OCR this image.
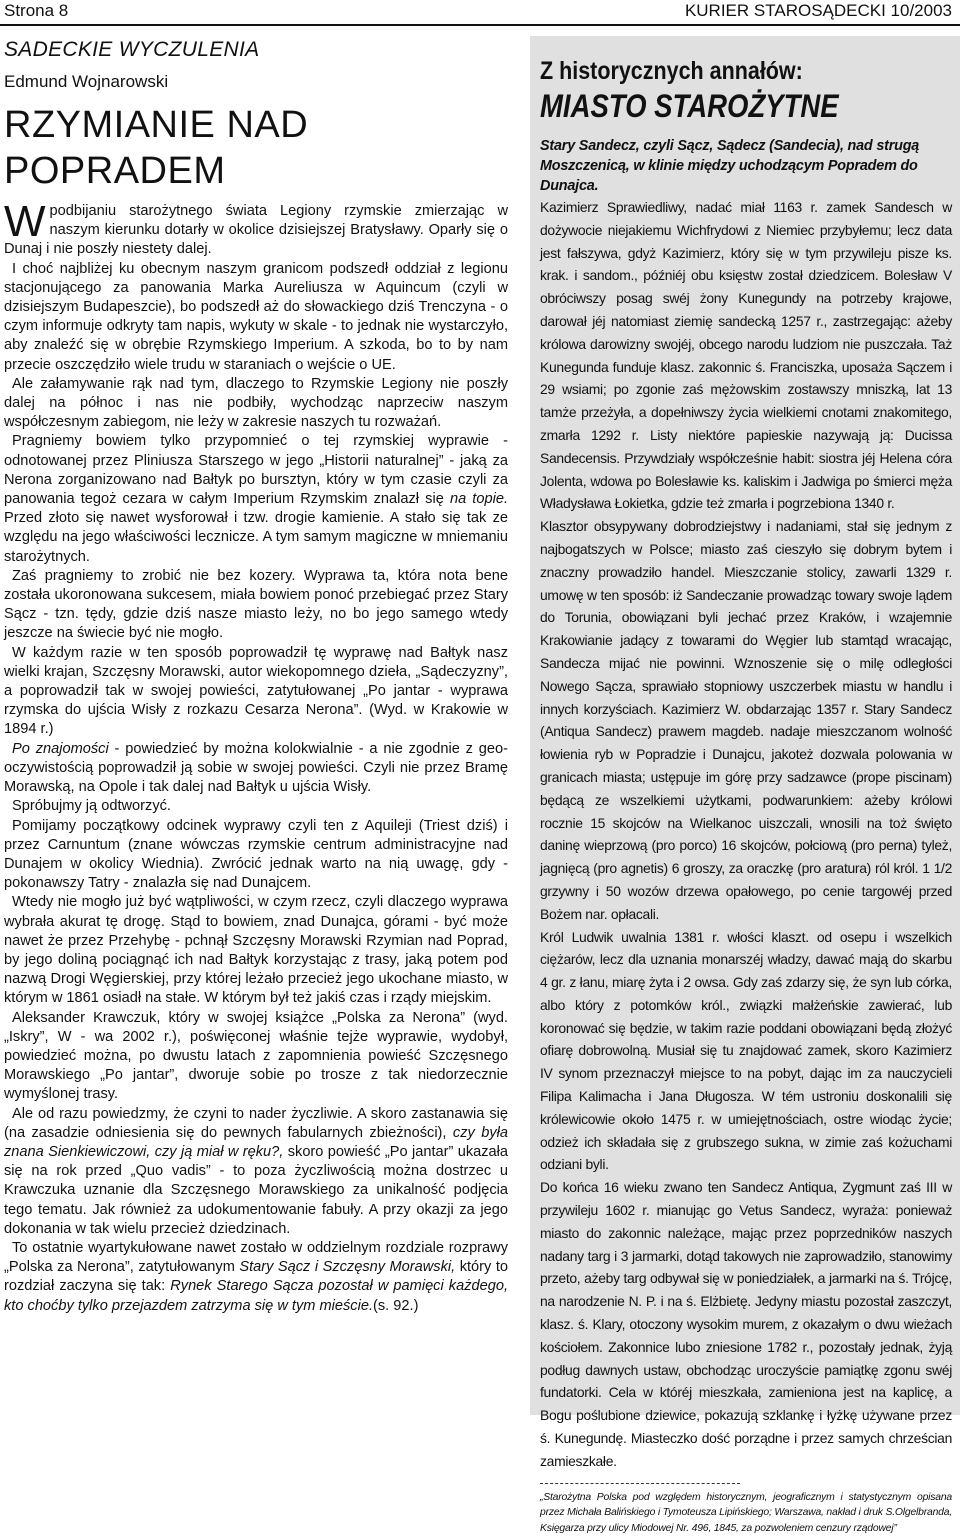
Strona 8	KURIER STAROSĄDECKI 10/2003
SADECKIE WYCZULENIA
Edmund Wojnarowski
RZYMIANIE NAD POPRADEM

Wpodbijaniu starożytnego świata Legiony rzymskie zmierzając w naszym kierunku dotarły w okolice dzisiejszej Bratysławy. Oparły się o Dunaj i nie poszły niestety dalej.

I choć najbliżej ku obecnym naszym granicom podszedł oddział z legionu stacjonującego za panowania Marka Aureliusza w Aquincum (czyli w dzisiejszym Budapeszcie), bo podszedł aż do słowackiego dziś Trenczyna - o czym informuje odkryty tam napis, wykuty w skale - to jednak nie wystarczyło, aby znaleźć się w obrębie Rzymskiego Imperium. A szkoda, bo to by nam przecie oszczędziło wiele trudu w staraniach o wejście o UE.

Ale załamywanie rąk nad tym, dlaczego to Rzymskie Legiony nie poszły dalej na północ i nas nie podbiły, wychodząc naprzeciw naszym współczesnym zabiegom, nie leży w zakresie naszych tu rozważań.

Pragniemy bowiem tylko przypomnieć o tej rzymskiej wyprawie - odnotowanej przez Pliniusza Starszego w jego „Historii naturalnej” - jaką za Nerona zorganizowano nad Bałtyk po bursztyn, który w tym czasie czyli za panowania tegoż cezara w całym Imperium Rzymskim znalazł się na topie. Przed złoto się nawet wysforował i tzw. drogie kamienie. A stało się tak ze względu na jego właściwości lecznicze. A tym samym magiczne w mniemaniu starożytnych.

Zaś pragniemy to zrobić nie bez kozery. Wyprawa ta, która nota bene została ukoronowana sukcesem, miała bowiem ponoć przebiegać przez Stary Sącz - tzn. tędy, gdzie dziś nasze miasto leży, no bo jego samego wtedy jeszcze na świecie być nie mogło.

W każdym razie w ten sposób poprowadził tę wyprawę nad Bałtyk nasz wielki krajan, Szczęsny Morawski, autor wiekopomnego dzieła, „Sądeczyzny”, a poprowadził tak w swojej powieści, zatytułowanej „Po jantar - wyprawa rzymska do ujścia Wisły z rozkazu Cesarza Nerona”. (Wyd. w Krakowie w 1894 r.)

Po znajomości - powiedzieć by można kolokwialnie - a nie zgodnie z geo-oczywistością poprowadził ją sobie w swojej powieści. Czyli nie przez Bramę Morawską, na Opole i tak dalej nad Bałtyk u ujścia Wisły.

Spróbujmy ją odtworzyć.

Pomijamy początkowy odcinek wyprawy czyli ten z Aquileji (Triest dziś) i przez Carnuntum (znane wówczas rzymskie centrum administracyjne nad Dunajem w okolicy Wiednia). Zwrócić jednak warto na nią uwagę, gdy - pokonawszy Tatry - znalazła się nad Dunajcem.

Wtedy nie mogło już być wątpliwości, w czym rzecz, czyli dlaczego wyprawa wybrała akurat tę drogę. Stąd to bowiem, znad Dunajca, górami - być może nawet że przez Przehybę - pchnął Szczęsny Morawski Rzymian nad Poprad, by jego doliną pociągnąć ich nad Bałtyk korzystając z trasy, jaką potem pod nazwą Drogi Węgierskiej, przy której leżało przecież jego ukochane miasto, w którym w 1861 osiadł na stałe. W którym był też jakiś czas i rządy miejskim.

Aleksander Krawczuk, który w swojej książce „Polska za Nerona” (wyd. „Iskry”, W - wa 2002 r.), poświęconej właśnie tejże wyprawie, wydobył, powiedzieć można, po dwustu latach z zapomnienia powieść Szczęsnego Morawskiego „Po jantar”, dworuje sobie po trosze z tak niedorzecznie wymyślonej trasy.

Ale od razu powiedzmy, że czyni to nader życzliwie. A skoro zastanawia się (na zasadzie odniesienia się do pewnych fabularnych zbieżności), czy była znana Sienkiewiczowi, czy ją miał w ręku?, skoro powieść „Po jantar” ukazała się na rok przed „Quo vadis” - to poza życzliwością można dostrzec u Krawczuka uznanie dla Szczęsnego Morawskiego za unikalność podjęcia tego tematu. Jak również za udokumentowanie fabuły. A przy okazji za jego dokonania w tak wielu przecież dziedzinach.

To ostatnie wyartykułowane nawet zostało w oddzielnym rozdziale rozprawy „Polska za Nerona”, zatytułowanym Stary Sącz i Szczęsny Morawski, który to rozdział zaczyna się tak: Rynek Starego Sącza pozostał w pamięci każdego, kto choćby tylko przejazdem zatrzyma się w tym mieście.(s. 92.)

Z historycznych annałów:
MIASTO STAROŻYTNE
Stary Sandecz, czyli Sącz, Sądecz (Sandecia), nad strugą Moszczenicą, w klinie między uchodzącym Popradem do Dunajca.

Kazimierz Sprawiedliwy, nadać miał 1163 r. zamek Sandesch w dożywocie niejakiemu Wichfrydowi z Niemiec przybyłemu; lecz data jest fałszywa, gdyż Kazimierz, który się w tym przywileju pisze ks. krak. i sandom., późniéj obu księstw został dziedzicem. Bolesław V obróciwszy posag swéj żony Kunegundy na potrzeby krajowe, darował jéj natomiast ziemię sandecką 1257 r., zastrzegając: ażeby królowa darowizny swojéj, obcego narodu ludziom nie puszczała. Taż Kunegunda funduje klasz. zakonnic ś. Franciszka, uposaża Sączem i 29 wsiami; po zgonie zaś mężowskim zostawszy mniszką, lat 13 tamże przeżyła, a dopełniwszy życia wielkiemi cnotami znakomitego, zmarła 1292 r. Listy niektóre papieskie nazywają ją: Ducissa Sandecensis. Przywdziały współcześnie habit: siostra jéj Helena córa Jolenta, wdowa po Bolesławie ks. kaliskim i Jadwiga po śmierci męża Władysława Łokietka, gdzie też zmarła i pogrzebiona 1340 r.

Klasztor obsypywany dobrodziejstwy i nadaniami, stał się jednym z najbogatszych w Polsce; miasto zaś cieszyło się dobrym bytem i znaczny prowadziło handel. Mieszczanie stolicy, zawarli 1329 r. umowę w ten sposób: iż Sandeczanie prowadząc towary swoje lądem do Torunia, obowiązani byli jechać przez Kraków, i wzajemnie Krakowianie jadący z towarami do Węgier lub stamtąd wracając, Sandecza mijać nie powinni. Wznoszenie się o milę odległości Nowego Sącza, sprawiało stopniowy uszczerbek miastu w handlu i innych korzyściach. Kazimierz W. obdarzając 1357 r. Stary Sandecz (Antiqua Sandecz) prawem magdeb. nadaje mieszczanom wolność łowienia ryb w Popradzie i Dunajcu, jakoteż dozwala polowania w granicach miasta; ustępuje im górę przy sadzawce (prope piscinam) będącą ze wszelkiemi użytkami, podwarunkiem: ażeby królowi rocznie 15 skojców na Wielkanoc uiszczali, wnosili na toż święto daninę wieprzową (pro porco) 16 skojców, połciową (pro perna) tyleż, jagnięcą (pro agnetis) 6 groszy, za oraczkę (pro aratura) ról król. 1 1/2 grzywny i 50 wozów drzewa opałowego, po cenie targowéj przed Bożem nar. opłacali.

Król Ludwik uwalnia 1381 r. włości klaszt. od osepu i wszelkich ciężarów, lecz dla uznania monarszéj władzy, dawać mają do skarbu 4 gr. z łanu, miarę żyta i 2 owsa. Gdy zaś zdarzy się, że syn lub córka, albo który z potomków król., związki małżeńskie zawierać, lub koronować się będzie, w takim razie poddani obowiązani będą złożyć ofiarę dobrowolną. Musiał się tu znajdować zamek, skoro Kazimierz IV synom przeznaczył miejsce to na pobyt, dając im za nauczycieli Filipa Kalimacha i Jana Długosza. W tém ustroniu doskonalili się królewicowie około 1475 r. w umiejętnościach, ostre wiodąc życie; odzież ich składała się z grubszego sukna, w zimie zaś kożuchami odziani byli.

Do końca 16 wieku zwano ten Sandecz Antiqua, Zygmunt zaś III w przywileju 1602 r. mianując go Vetus Sandecz, wyraża: ponieważ miasto do zakonnic należące, mając przez poprzedników naszych nadany targ i 3 jarmarki, dotąd takowych nie zaprowadziło, stanowimy przeto, ażeby targ odbywał się w poniedziałek, a jarmarki na ś. Trójcę, na narodzenie N. P. i na ś. Elżbietę. Jedyny miastu pozostał zaszczyt, klasz. ś. Klary, otoczony wysokim murem, z okazałym o dwu wieżach kościołem. Zakonnice lubo zniesione 1782 r., pozostały jednak, żyją podług dawnych ustaw, obchodząc uroczyście pamiątkę zgonu swéj fundatorki. Cela w któréj mieszkała, zamieniona jest na kaplicę, a Bogu poślubione dziewice, pokazują szklankę i łyżkę używane przez ś. Kunegundę. Miasteczko dość porządne i przez samych chrześcian zamieszkałe.

„Starożytna Polska pod względem historycznym, jeograficznym i statystycznym opisana przez Michała Balińskiego i Tymoteusza Lipińskiego; Warszawa, nakład i druk S.Olgelbranda, Księgarza przy ulicy Miodowej Nr. 496, 1845, za pozwoleniem cenzury rządowej”
